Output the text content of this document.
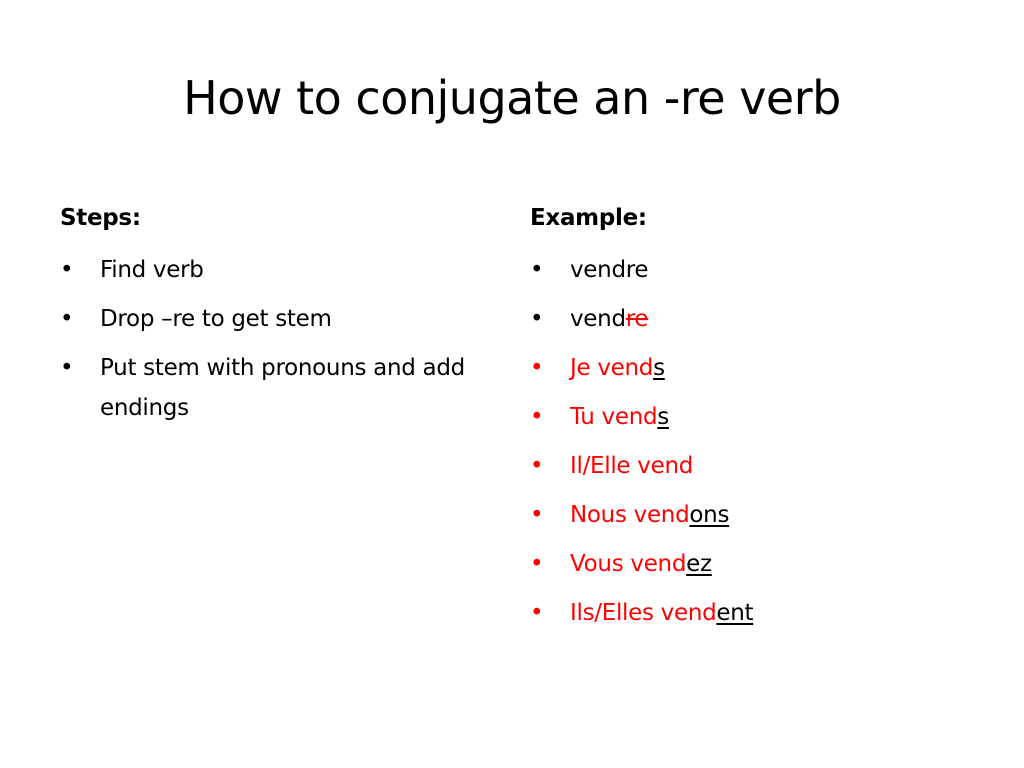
How to conjugate an -re verb

Steps:

• Find verb
• Drop –re to get stem
• Put stem with pronouns and add endings

Example:

• vendre
• vendre
• Je vends
• Tu vends
• Il/Elle vend
• Nous vendons
• Vous vendez
• Ils/Elles vendent
